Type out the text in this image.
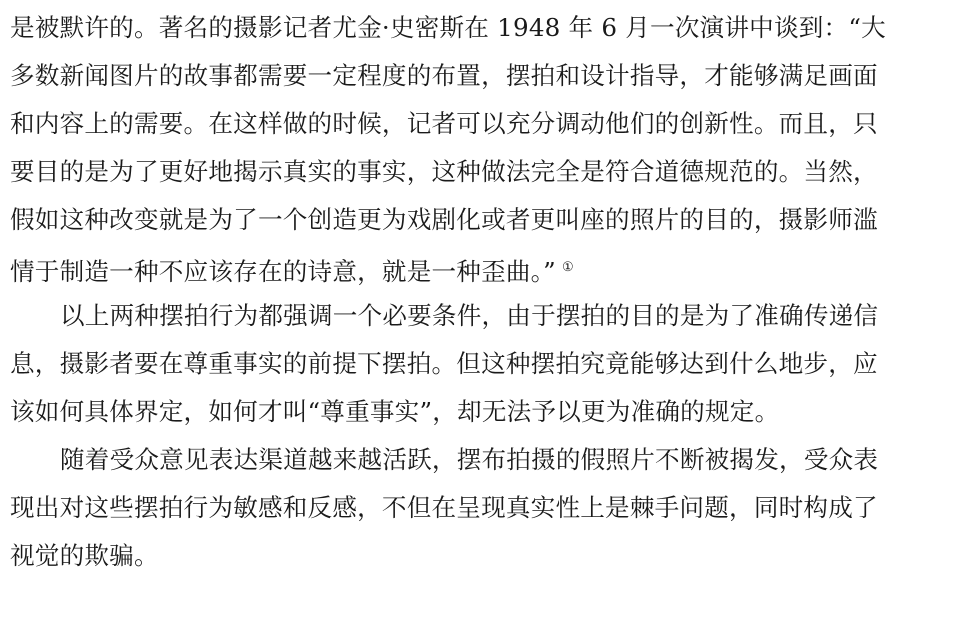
是被默许的。著名的摄影记者尤金·史密斯在 1948 年 6 月一次演讲中谈到：“大
多数新闻图片的故事都需要一定程度的布置，摆拍和设计指导，才能够满足画面
和内容上的需要。在这样做的时候，记者可以充分调动他们的创新性。而且，只
要目的是为了更好地揭示真实的事实，这种做法完全是符合道德规范的。当然，
假如这种改变就是为了一个创造更为戏剧化或者更叫座的照片的目的，摄影师滥
情于制造一种不应该存在的诗意，就是一种歪曲。” ①
以上两种摆拍行为都强调一个必要条件，由于摆拍的目的是为了准确传递信
息，摄影者要在尊重事实的前提下摆拍。但这种摆拍究竟能够达到什么地步，应
该如何具体界定，如何才叫“尊重事实”，却无法予以更为准确的规定。
随着受众意见表达渠道越来越活跃，摆布拍摄的假照片不断被揭发，受众表
现出对这些摆拍行为敏感和反感，不但在呈现真实性上是棘手问题，同时构成了
视觉的欺骗。
